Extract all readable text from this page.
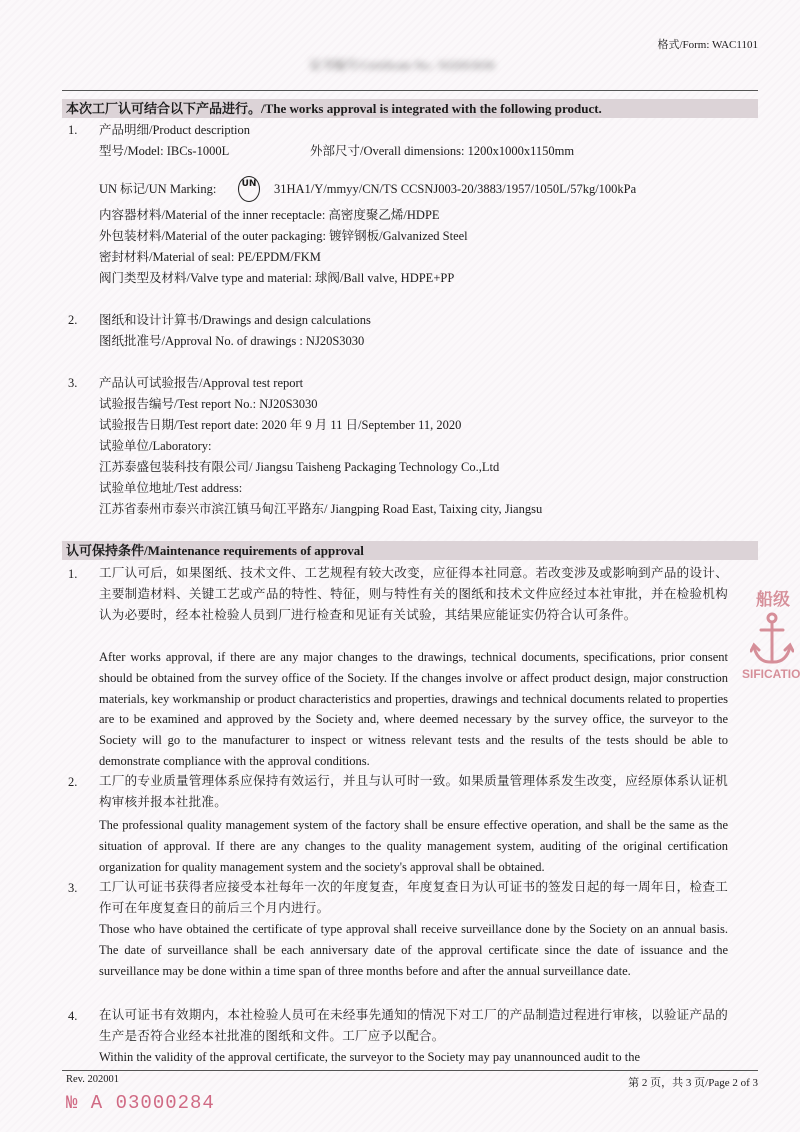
格式/Form: WAC1101
证书编号/Certificate No.: NJ20S3030
本次工厂认可结合以下产品进行。/The works approval is integrated with the following product.
1. 产品明细/Product description
型号/Model: IBCs-1000L	外部尺寸/Overall dimensions: 1200x1000x1150mm
UN 标记/UN Marking:	UN 31HA1/Y/mmyy/CN/TS CCSNJ003-20/3883/1957/1050L/57kg/100kPa
内容器材料/Material of the inner receptacle: 高密度聚乙烯/HDPE
外包装材料/Material of the outer packaging: 镀锌钢板/Galvanized Steel
密封材料/Material of seal: PE/EPDM/FKM
阀门类型及材料/Valve type and material: 球阀/Ball valve, HDPE+PP
2. 图纸和设计计算书/Drawings and design calculations
图纸批准号/Approval No. of drawings : NJ20S3030
3. 产品认可试验报告/Approval test report
试验报告编号/Test report No.: NJ20S3030
试验报告日期/Test report date: 2020 年 9 月 11 日/September 11, 2020
试验单位/Laboratory:
江苏泰盛包装科技有限公司/ Jiangsu Taisheng Packaging Technology Co.,Ltd
试验单位地址/Test address:
江苏省泰州市泰兴市滨江镇马甸江平路东/ Jiangping Road East, Taixing city, Jiangsu
认可保持条件/Maintenance requirements of approval
1. 工厂认可后，如果图纸、技术文件、工艺规程有较大改变，应征得本社同意。若改变涉及或影响到产品的设计、主要制造材料、关键工艺或产品的特性、特征，则与特性有关的图纸和技术文件应经过本社审批，并在检验机构认为必要时，经本社检验人员到厂进行检查和见证有关试验，其结果应能证实仍符合认可条件。
After works approval, if there are any major changes to the drawings, technical documents, specifications, prior consent should be obtained from the survey office of the Society. If the changes involve or affect product design, major construction materials, key workmanship or product characteristics and properties, drawings and technical documents related to properties are to be examined and approved by the Society and, where deemed necessary by the survey office, the surveyor to the Society will go to the manufacturer to inspect or witness relevant tests and the results of the tests should be able to demonstrate compliance with the approval conditions.
2. 工厂的专业质量管理体系应保持有效运行，并且与认可时一致。如果质量管理体系发生改变，应经原体系认证机构审核并报本社批准。
The professional quality management system of the factory shall be ensure effective operation, and shall be the same as the situation of approval. If there are any changes to the quality management system, auditing of the original certification organization for quality management system and the society's approval shall be obtained.
3. 工厂认可证书获得者应接受本社每年一次的年度复查，年度复查日为认可证书的签发日起的每一周年日，检查工作可在年度复查日的前后三个月内进行。
Those who have obtained the certificate of type approval shall receive surveillance done by the Society on an annual basis. The date of surveillance shall be each anniversary date of the approval certificate since the date of issuance and the surveillance may be done within a time span of three months before and after the annual surveillance date.
4. 在认可证书有效期内，本社检验人员可在未经事先通知的情况下对工厂的产品制造过程进行审核，以验证产品的生产是否符合业经本社批准的图纸和文件。工厂应予以配合。
Within the validity of the approval certificate, the surveyor to the Society may pay unannounced audit to the
船级
SIFICATIO
Rev. 202001	第 2 页，共 3 页/Page 2 of 3
№ A 03000284
